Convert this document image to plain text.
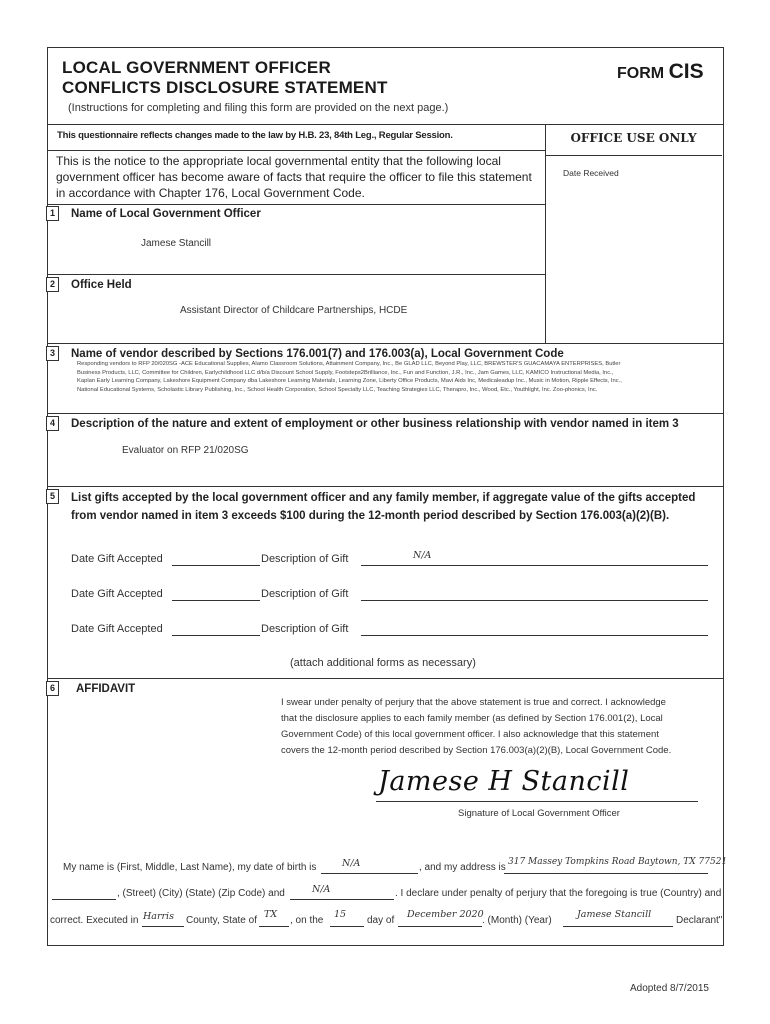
LOCAL GOVERNMENT OFFICER
CONFLICTS DISCLOSURE STATEMENT
FORM CIS
(Instructions for completing and filing this form are provided on the next page.)
This questionnaire reflects changes made to the law by H.B. 23, 84th Leg., Regular Session.
This is the notice to the appropriate local governmental entity that the following local government officer has become aware of facts that require the officer to file this statement in accordance with Chapter 176, Local Government Code.
OFFICE USE ONLY
Date Received
1	Name of Local Government Officer
Jamese Stancill
2	Office Held
Assistant Director of Childcare Partnerships, HCDE
3	Name of vendor described by Sections 176.001(7) and 176.003(a), Local Government Code
Responding vendors to RFP 20/020SG -ACE Educational Supplies, Alamo Classroom Solutions, Attainment Company, Inc., Be GLAD LLC, Beyond Play, LLC, BREWSTER'S GUACAMAYA ENTERPRISES, Butler
Business Products, LLC, Committee for Children, Earlychildhood LLC d/b/a Discount School Supply, Footsteps2Brilliance, Inc., Fun and Function, J.R., Inc., Jam Games, LLC, KAMICO Instructional Media, Inc.,
Kaplan Early Learning Company, Lakeshore Equipment Company dba Lakeshore Learning Materials, Learning Zone, Liberty Office Products, Mavi Aids Inc, Medicaleadup Inc., Music in Motion, Ripple Effects, Inc.,
National Educational Systems, Scholastic Library Publishing, Inc., School Health Corporation, School Specialty LLC, Teaching Strategies LLC, Therapro, Inc., Wood, Etc., Youthlight, Inc. Zoo-phonics, Inc.
4	Description of the nature and extent of employment or other business relationship with vendor named in item 3
Evaluator on RFP 21/020SG
5	List gifts accepted by the local government officer and any family member, if aggregate value of the gifts accepted
from vendor named in item 3 exceeds $100 during the 12-month period described by Section 176.003(a)(2)(B).
Date Gift Accepted	Description of Gift	N/A
Date Gift Accepted	Description of Gift
Date Gift Accepted	Description of Gift
(attach additional forms as necessary)
6	AFFIDAVIT
I swear under penalty of perjury that the above statement is true and correct. I acknowledge
that the disclosure applies to each family member (as defined by Section 176.001(2), Local
Government Code) of this local government officer. I also acknowledge that this statement
covers the 12-month period described by Section 176.003(a)(2)(B), Local Government Code.
Jamese H Stancill
Signature of Local Government Officer
My name is (First, Middle, Last Name), my date of birth is	N/A	, and my address is 317 Massey Tompkins Road Baytown, TX 77521
, (Street) (City) (State) (Zip Code) and	N/A	. I declare under penalty of perjury that the foregoing is true (Country) and
correct. Executed in Harris County, State of
TX
, on the
15
day of
December 2020
. (Month) (Year)
Jamese Stancill
Declarant"
Adopted 8/7/2015
